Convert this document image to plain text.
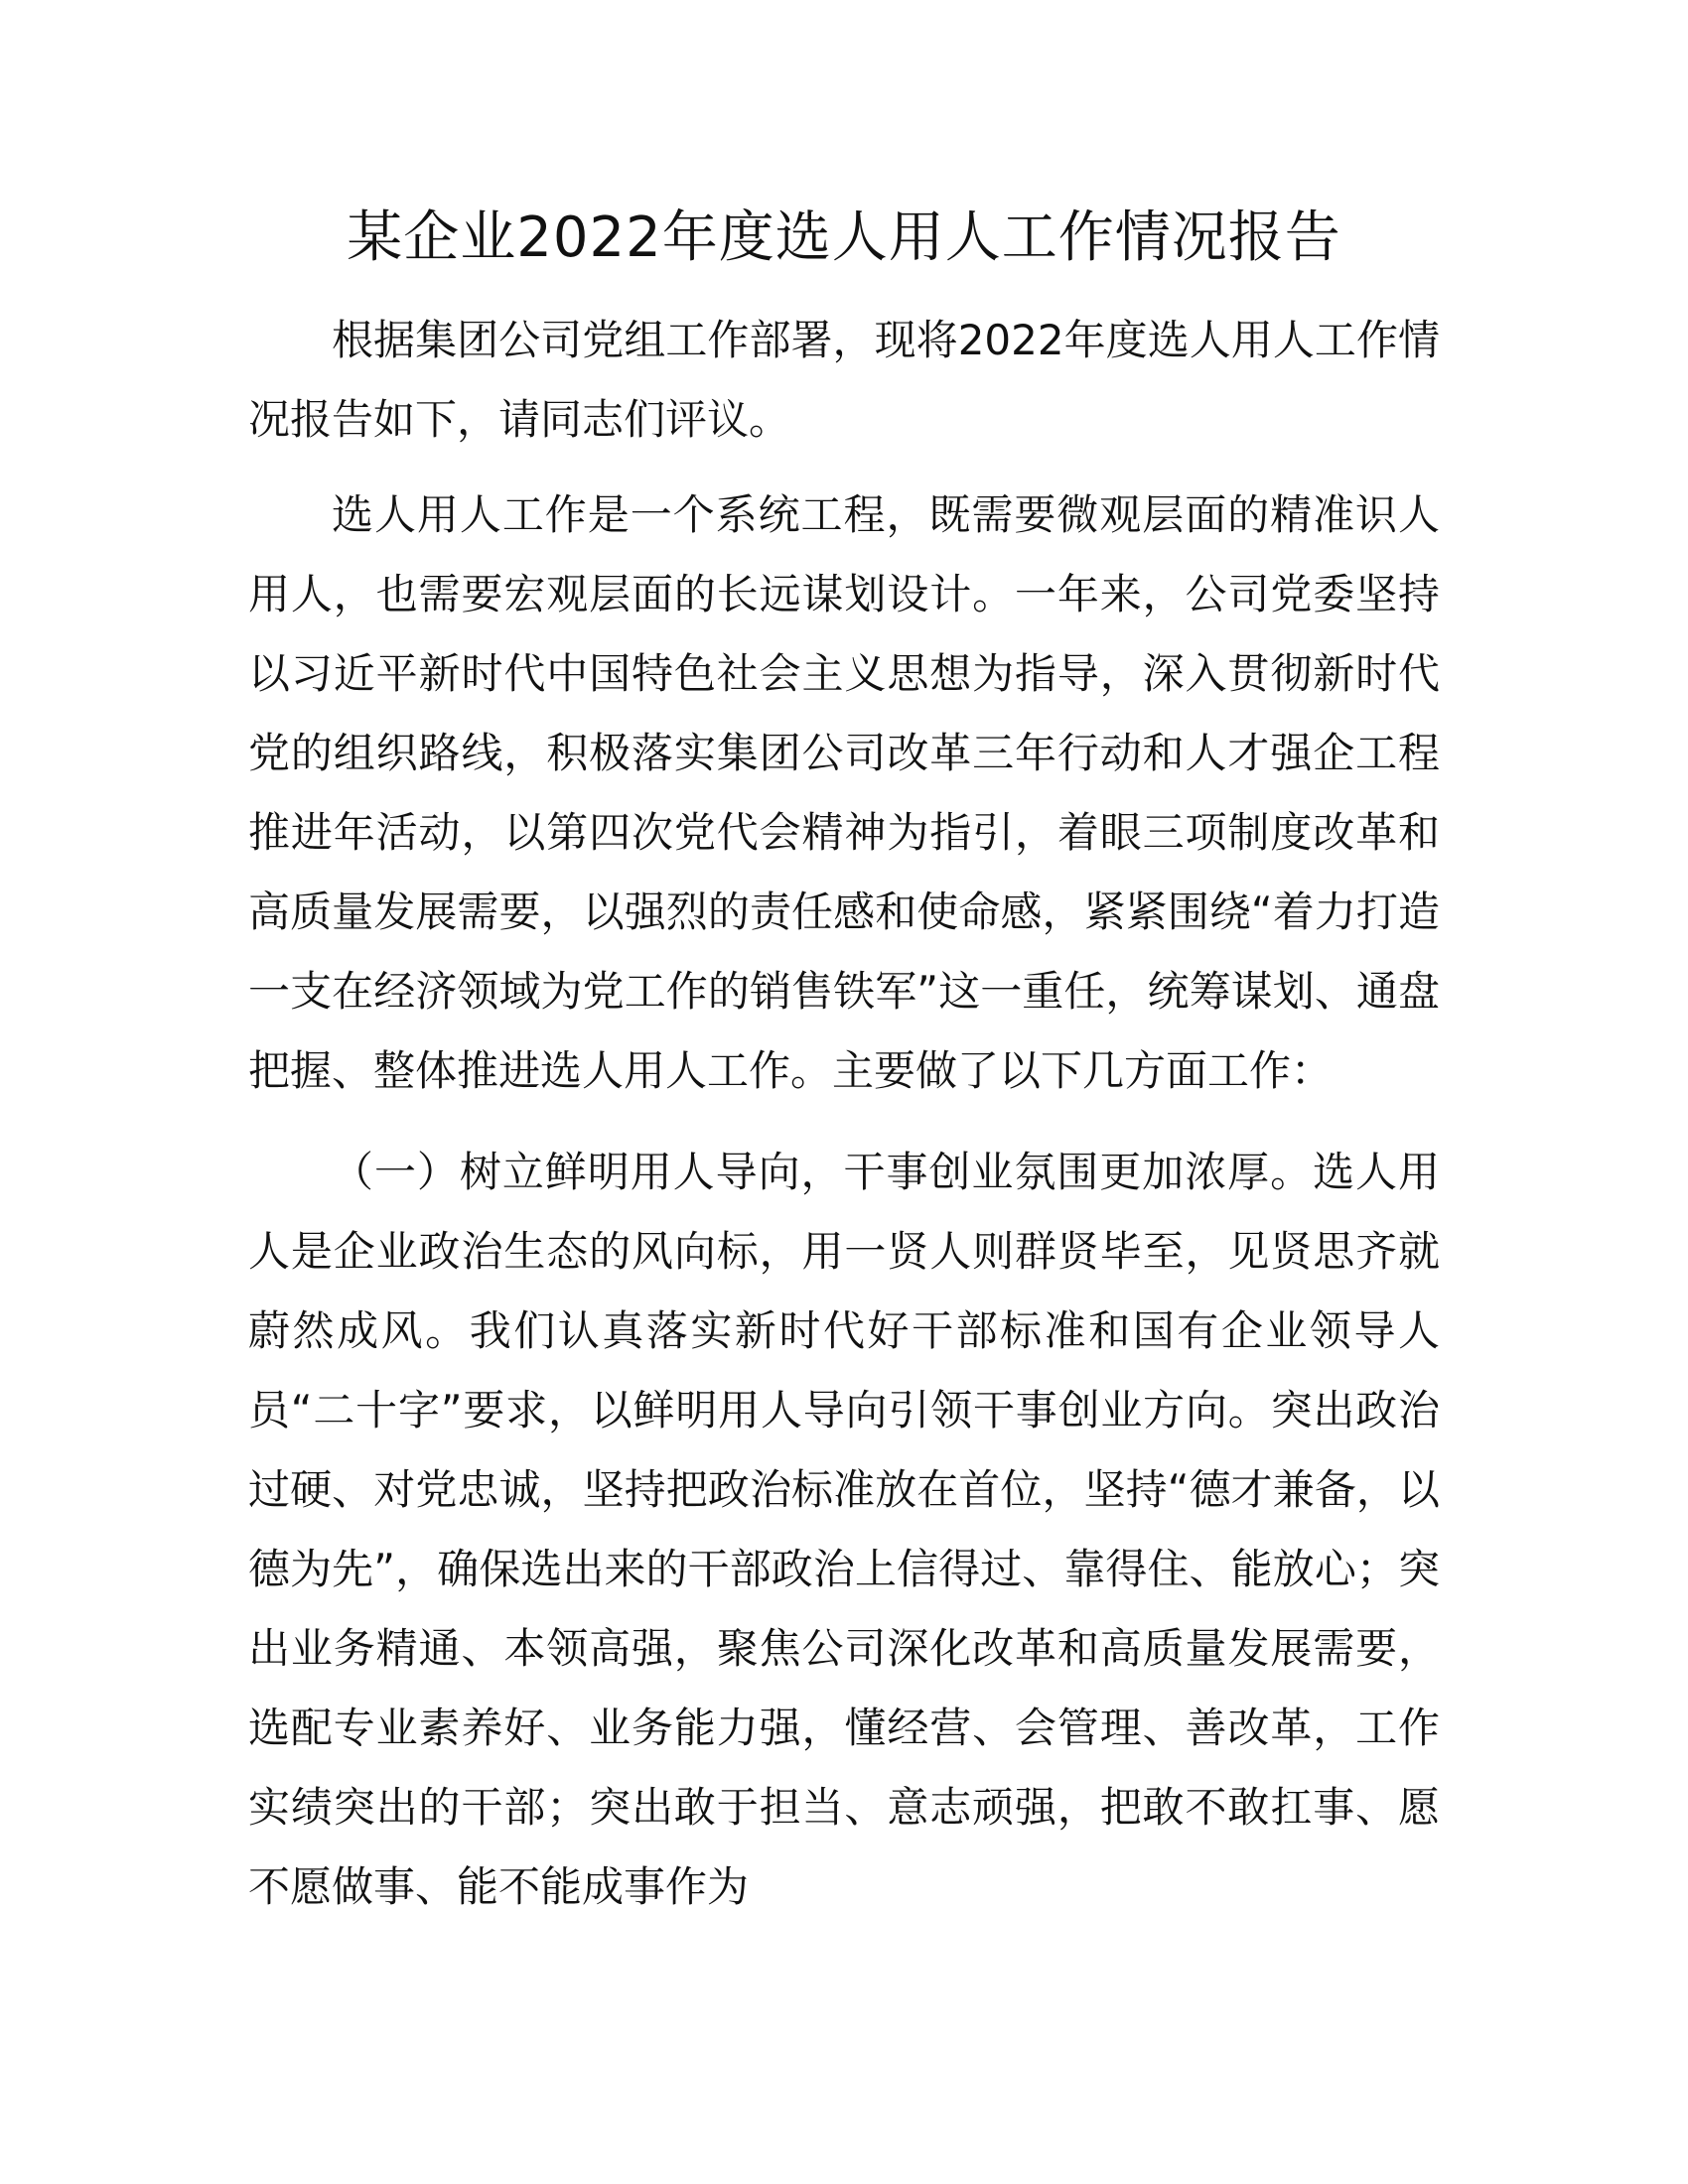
某企业2022年度选人用人工作情况报告

根据集团公司党组工作部署，现将2022年度选人用人工作情况报告如下，请同志们评议。

选人用人工作是一个系统工程，既需要微观层面的精准识人用人，也需要宏观层面的长远谋划设计。一年来，公司党委坚持以习近平新时代中国特色社会主义思想为指导，深入贯彻新时代党的组织路线，积极落实集团公司改革三年行动和人才强企工程推进年活动，以第四次党代会精神为指引，着眼三项制度改革和高质量发展需要，以强烈的责任感和使命感，紧紧围绕“着力打造一支在经济领域为党工作的销售铁军”这一重任，统筹谋划、通盘把握、整体推进选人用人工作。主要做了以下几方面工作：

（一）树立鲜明用人导向，干事创业氛围更加浓厚。选人用人是企业政治生态的风向标，用一贤人则群贤毕至，见贤思齐就蔚然成风。我们认真落实新时代好干部标准和国有企业领导人员“二十字”要求，以鲜明用人导向引领干事创业方向。突出政治过硬、对党忠诚，坚持把政治标准放在首位，坚持“德才兼备，以德为先”，确保选出来的干部政治上信得过、靠得住、能放心；突出业务精通、本领高强，聚焦公司深化改革和高质量发展需要，选配专业素养好、业务能力强，懂经营、会管理、善改革，工作实绩突出的干部；突出敢于担当、意志顽强，把敢不敢扛事、愿不愿做事、能不能成事作为
